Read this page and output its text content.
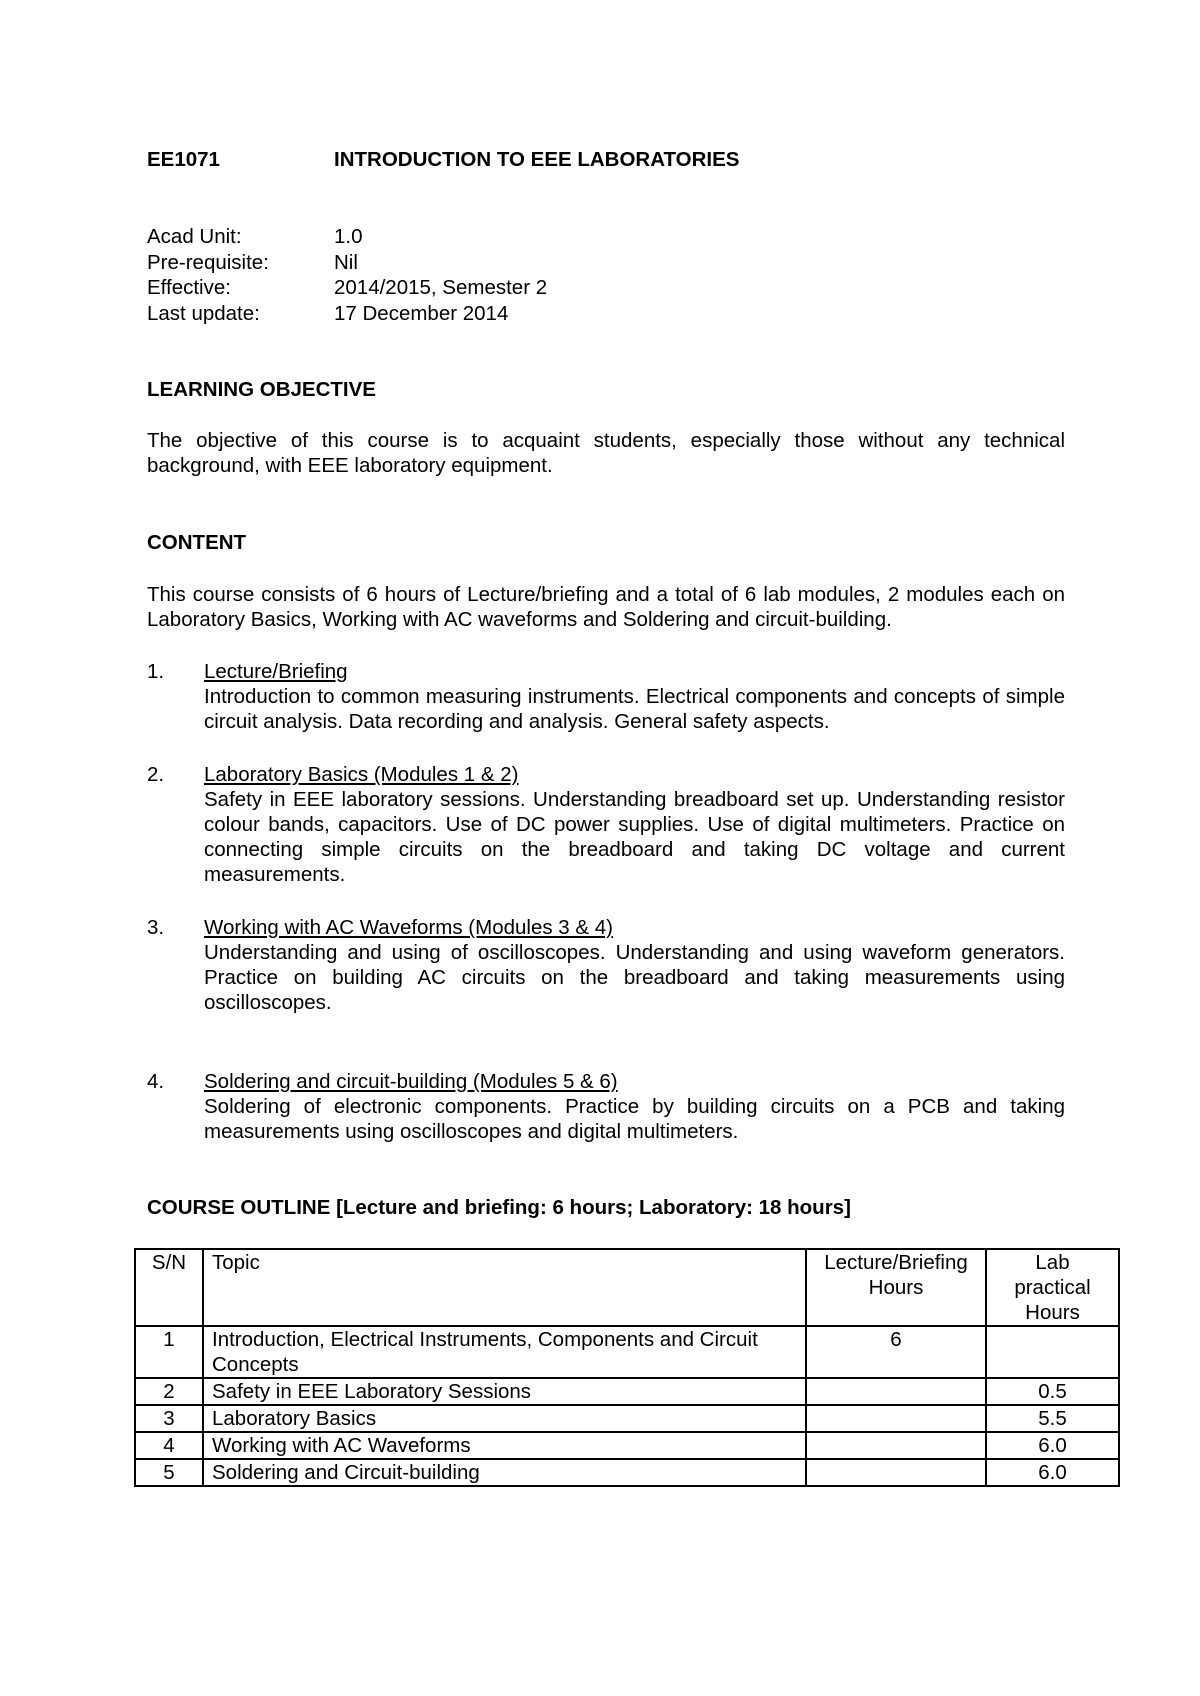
EE1071	INTRODUCTION TO EEE LABORATORIES
Acad Unit:	1.0
Pre-requisite:	Nil
Effective:	2014/2015, Semester 2
Last update:	17 December 2014
LEARNING OBJECTIVE
The objective of this course is to acquaint students, especially those without any technical background, with EEE laboratory equipment.
CONTENT
This course consists of 6 hours of Lecture/briefing and a total of 6 lab modules, 2 modules each on Laboratory Basics, Working with AC waveforms and Soldering and circuit-building.
1. Lecture/Briefing
Introduction to common measuring instruments. Electrical components and concepts of simple circuit analysis. Data recording and analysis. General safety aspects.
2. Laboratory Basics (Modules 1 & 2)
Safety in EEE laboratory sessions. Understanding breadboard set up. Understanding resistor colour bands, capacitors. Use of DC power supplies. Use of digital multimeters. Practice on connecting simple circuits on the breadboard and taking DC voltage and current measurements.
3. Working with AC Waveforms (Modules 3 & 4)
Understanding and using of oscilloscopes. Understanding and using waveform generators. Practice on building AC circuits on the breadboard and taking measurements using oscilloscopes.
4. Soldering and circuit-building (Modules 5 & 6)
Soldering of electronic components. Practice by building circuits on a PCB and taking measurements using oscilloscopes and digital multimeters.
COURSE OUTLINE [Lecture and briefing: 6 hours; Laboratory: 18 hours]
S/N	Topic	Lecture/Briefing Hours	Lab practical Hours
1	Introduction, Electrical Instruments, Components and Circuit Concepts	6	
2	Safety in EEE Laboratory Sessions		0.5
3	Laboratory Basics		5.5
4	Working with AC Waveforms		6.0
5	Soldering and Circuit-building		6.0
